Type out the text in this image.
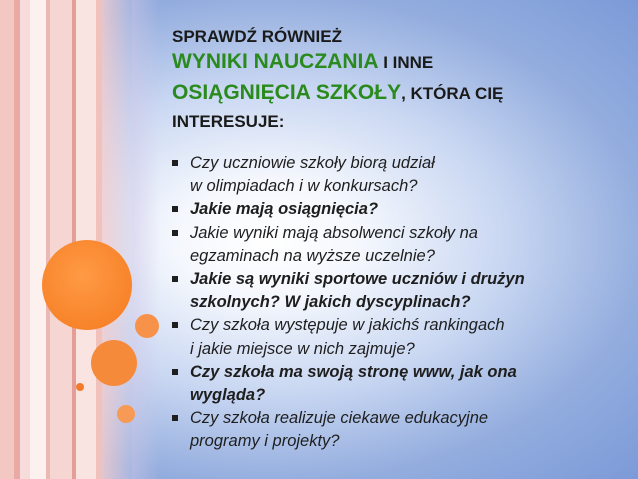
SPRAWDŹ RÓWNIEŻ
WYNIKI NAUCZANIA I INNE
OSIĄGNIĘCIA SZKOŁY, KTÓRA CIĘ
INTERESUJE:
Czy uczniowie szkoły biorą udział
w olimpiadach i w konkursach?
Jakie mają osiągnięcia?
Jakie wyniki mają absolwenci szkoły na
egzaminach na wyższe uczelnie?
Jakie są wyniki sportowe uczniów i drużyn
szkolnych? W jakich dyscyplinach?
Czy szkoła występuje w jakichś rankingach
i jakie miejsce w nich zajmuje?
Czy szkoła ma swoją stronę www, jak ona
wygląda?
Czy szkoła realizuje ciekawe edukacyjne
programy i projekty?
